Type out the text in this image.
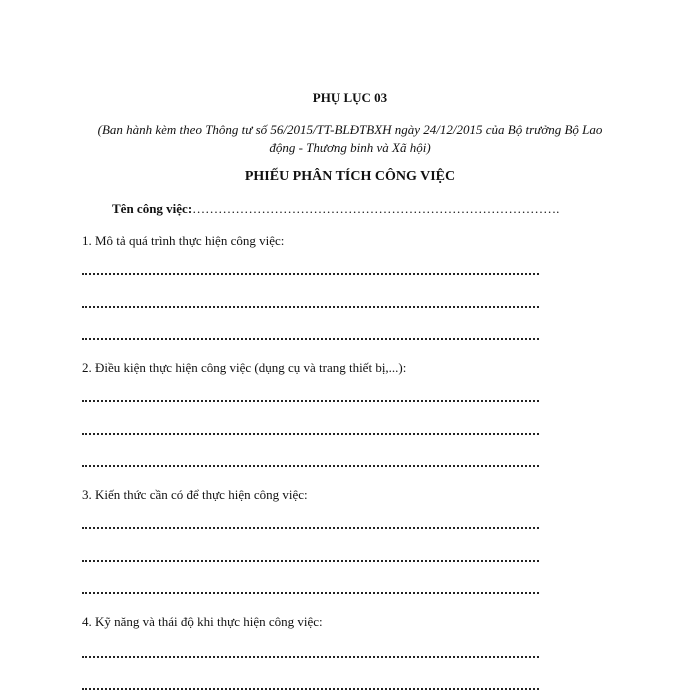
PHỤ LỤC 03
(Ban hành kèm theo Thông tư số 56/2015/TT-BLĐTBXH ngày 24/12/2015 của Bộ trưởng Bộ Lao
động - Thương binh và Xã hội)
PHIẾU PHÂN TÍCH CÔNG VIỆC
Tên công việc:………………………………………………………………………….
1. Mô tả quá trình thực hiện công việc:
2. Điều kiện thực hiện công việc (dụng cụ và trang thiết bị,...):
3. Kiến thức cần có để thực hiện công việc:
4. Kỹ năng và thái độ khi thực hiện công việc:
